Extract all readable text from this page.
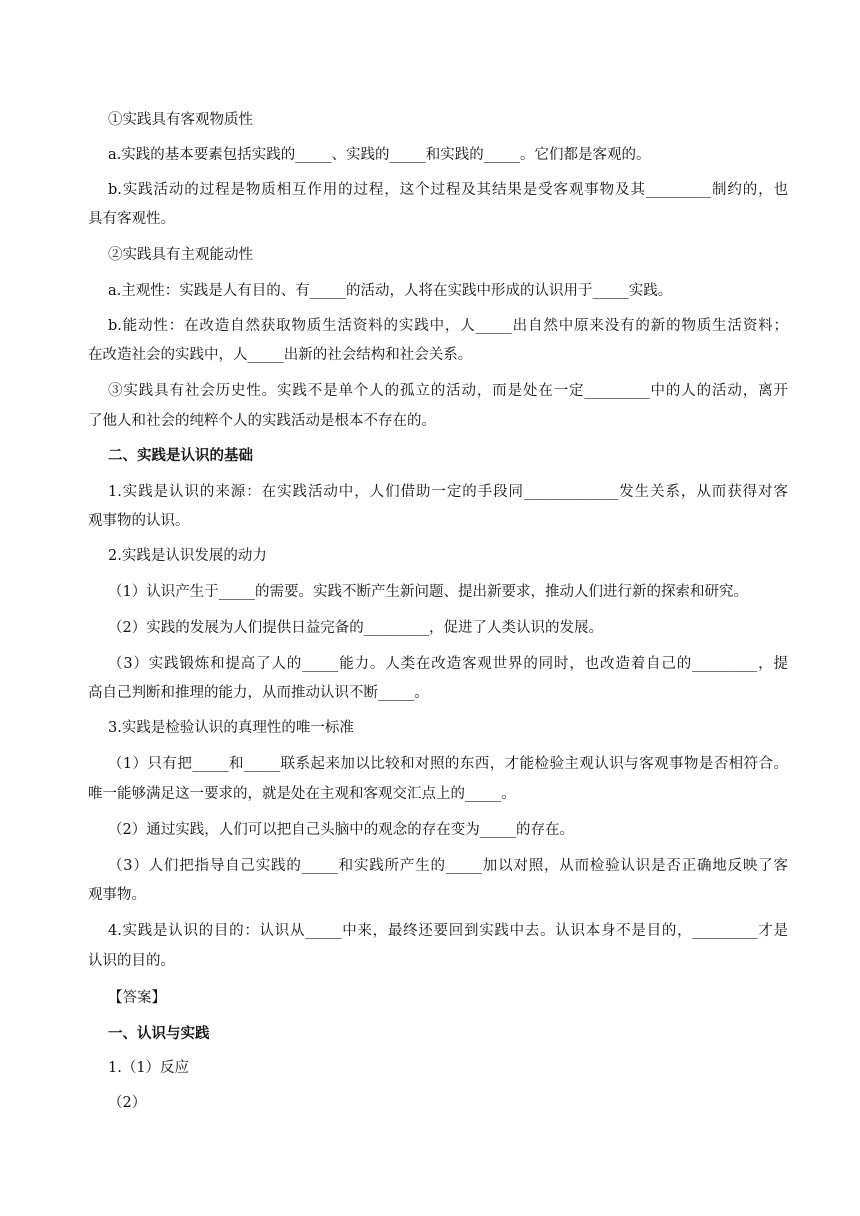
①实践具有客观物质性
a.实践的基本要素包括实践的_____、实践的_____和实践的_____。它们都是客观的。
b.实践活动的过程是物质相互作用的过程，这个过程及其结果是受客观事物及其_________制约的，也
具有客观性。
②实践具有主观能动性
a.主观性：实践是人有目的、有_____的活动，人将在实践中形成的认识用于_____实践。
b.能动性：在改造自然获取物质生活资料的实践中，人_____出自然中原来没有的新的物质生活资料；
在改造社会的实践中，人_____出新的社会结构和社会关系。
③实践具有社会历史性。实践不是单个人的孤立的活动，而是处在一定_________中的人的活动，离开
了他人和社会的纯粹个人的实践活动是根本不存在的。
二、实践是认识的基础
1.实践是认识的来源：在实践活动中，人们借助一定的手段同_____________发生关系，从而获得对客
观事物的认识。
2.实践是认识发展的动力
（1）认识产生于_____的需要。实践不断产生新问题、提出新要求，推动人们进行新的探索和研究。
（2）实践的发展为人们提供日益完备的_________，促进了人类认识的发展。
（3）实践锻炼和提高了人的_____能力。人类在改造客观世界的同时，也改造着自己的_________，提
高自己判断和推理的能力，从而推动认识不断_____。
3.实践是检验认识的真理性的唯一标准
（1）只有把_____和_____联系起来加以比较和对照的东西，才能检验主观认识与客观事物是否相符合。
唯一能够满足这一要求的，就是处在主观和客观交汇点上的_____。
（2）通过实践，人们可以把自己头脑中的观念的存在变为_____的存在。
（3）人们把指导自己实践的_____和实践所产生的_____加以对照，从而检验认识是否正确地反映了客
观事物。
4.实践是认识的目的：认识从_____中来，最终还要回到实践中去。认识本身不是目的，_________才是
认识的目的。
【答案】
一、认识与实践
1.（1）反应
（2）
